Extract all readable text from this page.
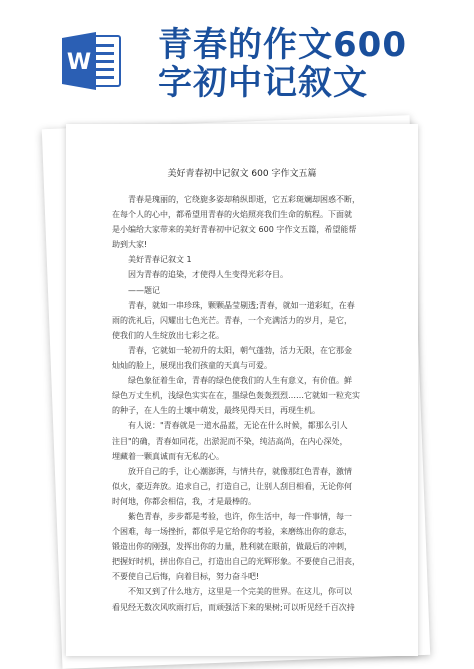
W 青春的作文600
字初中记叙文
美好青春初中记叙文 600 字作文五篇

　　青春是瑰丽的，它绕旎多姿却稍纵即逝，它五彩斑斓却困惑不断，

在每个人的心中，都希望用青春的火焰照亮我们生命的航程。下面就

是小编给大家带来的美好青春初中记叙文 600 字作文五篇，希望能帮

助到大家!

　　美好青春记叙文 1

　　因为青春的追染，才使得人生变得光彩夺目。

　　——题记

　　青春，就如一串珍珠，颗颗晶莹剔透;青春，就如一道彩虹，在春

雨的洗礼后，闪耀出七色光芒。青春，一个充满活力的岁月，是它，

使我们的人生绽放出七彩之花。

　　青春，它就如一轮初升的太阳，朝气蓬勃，活力无限，在它那金

灿灿的脸上，展现出我们孩童的天真与可爱。

　　绿色象征着生命，青春的绿色使我们的人生有意义，有价值。鲜

绿色万丈生机，浅绿色实实在在，墨绿色轰轰烈烈……它就如一粒充实

的种子，在人生的土壤中萌发，最终见得天日，再现生机。

　　有人说："青春就是一道水晶蓝，无论在什么时候，都那么引人

注目"的确，青春如同花，出淤泥而不染，纯洁高尚，在内心深处，

埋藏着一颗真诚而有无私的心。

　　放开自己的手，让心潮澎湃，与情共存，就像那红色青春，激情

似火，豪迈奔放。追求自己，打造自己，让别人刮目相看，无论你何

时何地，你都会相信，我，才是最棒的。

　　紫色青春，步步都是考验，也许，你生活中，每一件事情，每一

个困难，每一场挫折，都似乎是它给你的考验，来磨练出你的意志，

锻造出你的刚强，发挥出你的力量，胜利就在眼前，做最后的冲刺，

把握好时机，拼出你自己，打造出自己的光辉形象。不要使自己泪丧，

不要使自己后悔，向着目标，努力奋斗吧!

　　不知又到了什么地方，这里是一个完美的世界。在这儿，你可以

看见经无数次风吹雨打后，而顽强活下来的果树;可以听见经千百次持
